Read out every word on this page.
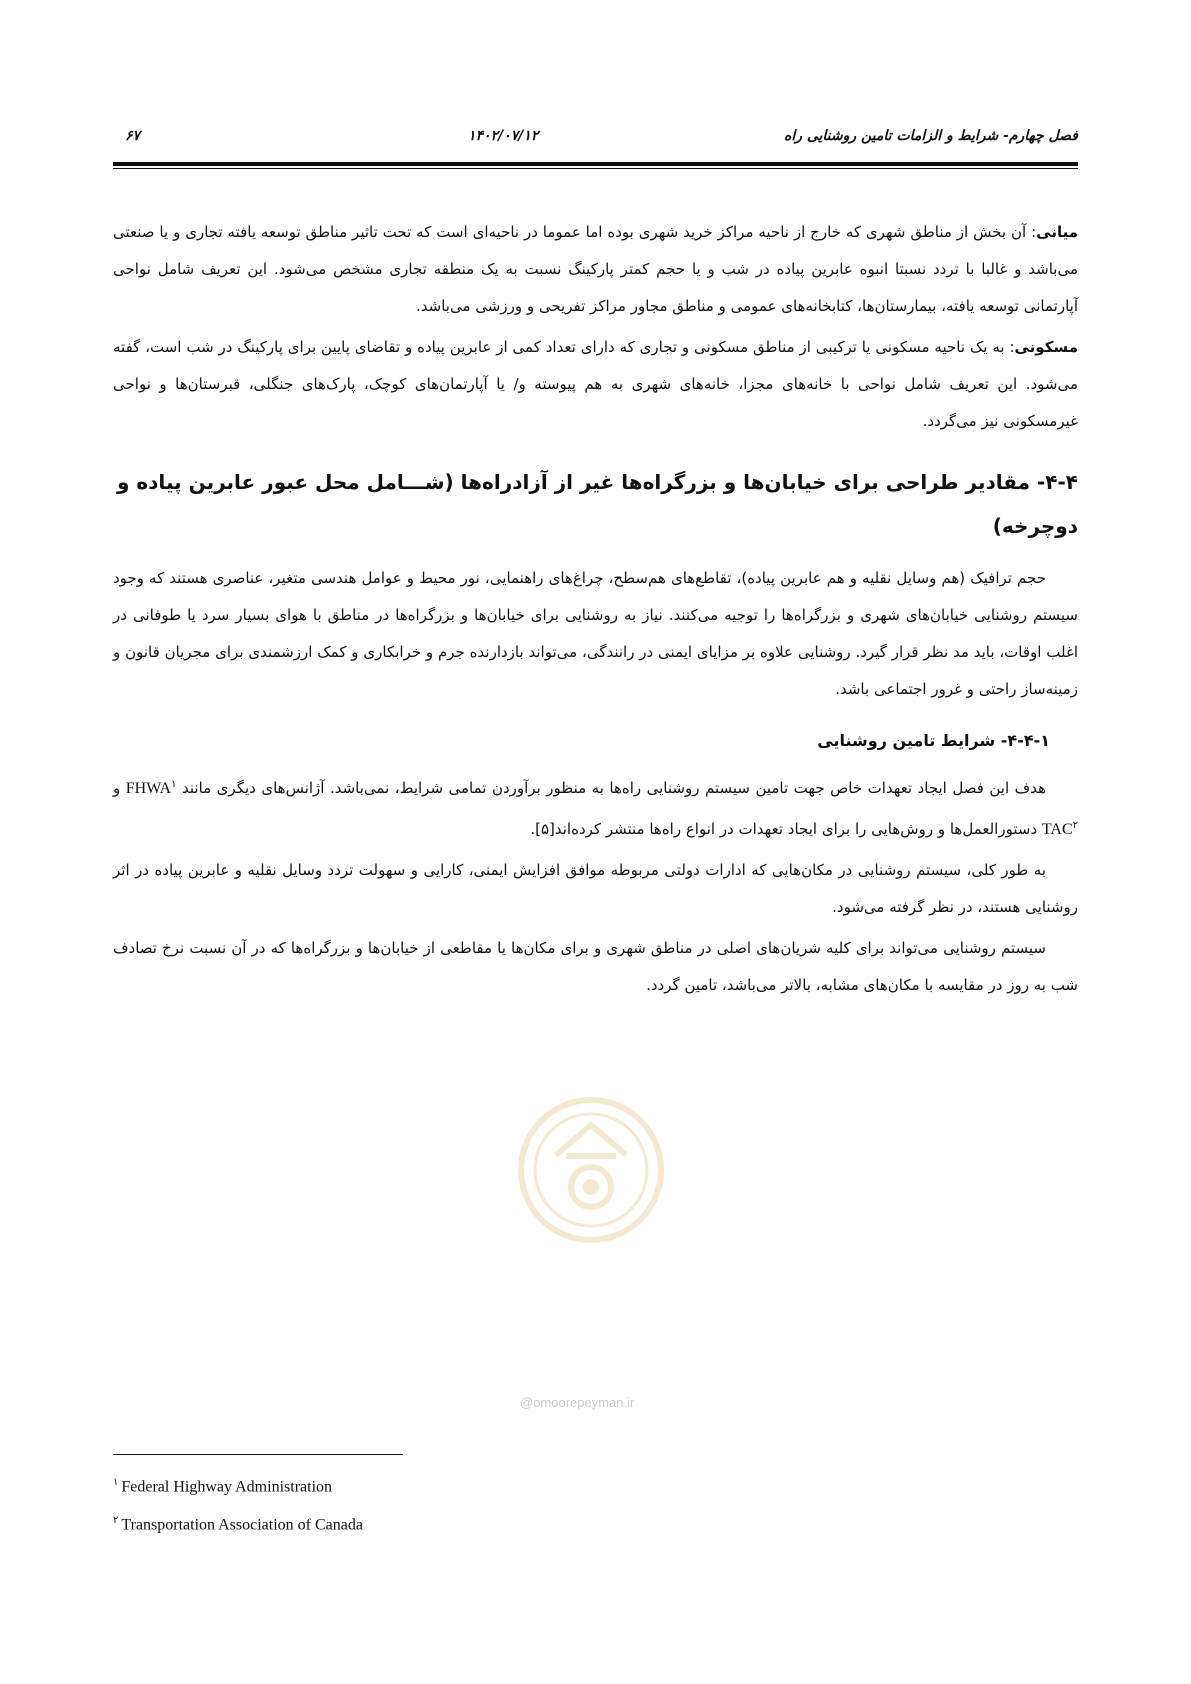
فصل چهارم- شرایط و الزامات تامین روشنایی راه
۱۴۰۲/۰۷/۱۲
۶۷

میانی: آن بخش از مناطق شهری که خارج از ناحیه مراکز خرید شهری بوده اما عموما در ناحیه‌ای است که تحت تاثیر مناطق توسعه یافته تجاری و یا صنعتی می‌باشد و غالبا با تردد نسبتا انبوه عابرین پیاده در شب و یا حجم کمتر پارکینگ نسبت به یک منطقه تجاری مشخص می‌شود. این تعریف شامل نواحی آپارتمانی توسعه یافته، بیمارستان‌ها، کتابخانه‌های عمومی و مناطق مجاور مراکز تفریحی و ورزشی می‌باشد.

مسکونی: به یک ناحیه مسکونی یا ترکیبی از مناطق مسکونی و تجاری که دارای تعداد کمی از عابرین پیاده و تقاضای پایین برای پارکینگ در شب است، گفته می‌شود. این تعریف شامل نواحی با خانه‌های مجزا، خانه‌های شهری به هم پیوسته و/ یا آپارتمان‌های کوچک، پارک‌های جنگلی، قبرستان‌ها و نواحی غیرمسکونی نیز می‌گردد.

۴-۴- مقادیر طراحی برای خیابان‌ها و بزرگراه‌ها غیر از آزادراه‌ها (شـــامل محل عبور عابرین پیاده و دوچرخه)

حجم ترافیک (هم وسایل نقلیه و هم عابرین پیاده)، تقاطع‌های هم‌سطح، چراغ‌های راهنمایی، نور محیط و عوامل هندسی متغیر، عناصری هستند که وجود سیستم روشنایی خیابان‌های شهری و بزرگراه‌ها را توجیه می‌کنند. نیاز به روشنایی برای خیابان‌ها و بزرگراه‌ها در مناطق با هوای بسیار سرد یا طوفانی در اغلب اوقات، باید مد نظر قرار گیرد. روشنایی علاوه بر مزایای ایمنی در رانندگی، می‌تواند بازدارنده جرم و خرابکاری و کمک ارزشمندی برای مجریان قانون و زمینه‌ساز راحتی و غرور اجتماعی باشد.

۴-۴-۱- شرایط تامین روشنایی

هدف این فصل ایجاد تعهدات خاص جهت تامین سیستم روشنایی راه‌ها به منظور برآوردن تمامی شرایط، نمی‌باشد. آژانس‌های دیگری مانند FHWA$^۱$ و TAC$^۲$ دستورالعمل‌ها و روش‌هایی را برای ایجاد تعهدات در انواع راه‌ها منتشر کرده‌اند[۵].

به طور کلی، سیستم روشنایی در مکان‌هایی که ادارات دولتی مربوطه موافق افزایش ایمنی، کارایی و سهولت تردد وسایل نقلیه و عابرین پیاده در اثر روشنایی هستند، در نظر گرفته می‌شود.

سیستم روشنایی می‌تواند برای کلیه شریان‌های اصلی در مناطق شهری و برای مکان‌ها یا مقاطعی از خیابان‌ها و بزرگراه‌ها که در آن نسبت نرخ تصادف شب به روز در مقایسه با مکان‌های مشابه، بالاتر می‌باشد، تامین گردد.

@omoorepeyman.ir
$^۱$ Federal Highway Administration
$^۲$ Transportation Association of Canada
